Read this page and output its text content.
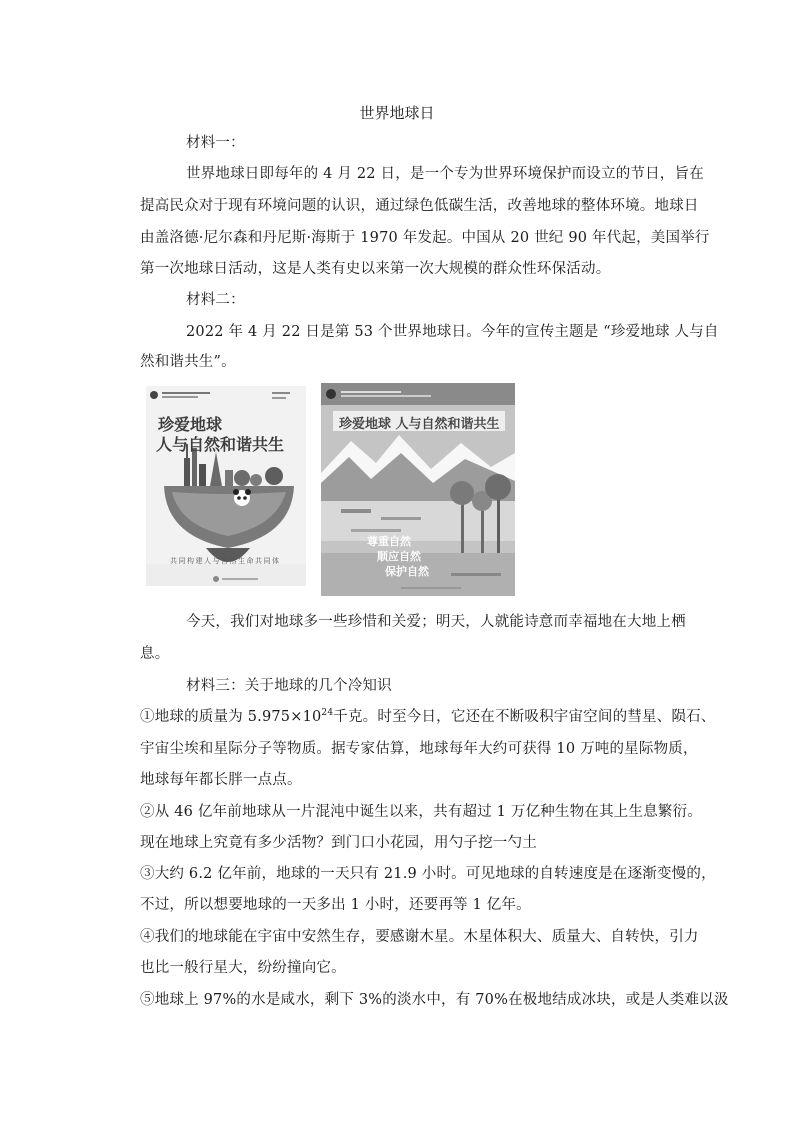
世界地球日
材料一：
世界地球日即每年的 4 月 22 日，是一个专为世界环境保护而设立的节日，旨在
提高民众对于现有环境问题的认识，通过绿色低碳生活，改善地球的整体环境。地球日
由盖洛德·尼尔森和丹尼斯·海斯于 1970 年发起。中国从 20 世纪 90 年代起，美国举行
第一次地球日活动，这是人类有史以来第一次大规模的群众性环保活动。
材料二：
2022 年 4 月 22 日是第 53 个世界地球日。今年的宣传主题是 “珍爱地球 人与自
然和谐共生”。
珍爱地球
人与自然和谐共生
共同构建人与自然生命共同体
珍爱地球 人与自然和谐共生
尊重自然
顺应自然
保护自然
今天，我们对地球多一些珍惜和关爱；明天，人就能诗意而幸福地在大地上栖
息。
材料三：关于地球的几个冷知识
①地球的质量为 $5.975\times 10^{24}$千克。时至今日，它还在不断吸积宇宙空间的彗星、陨石、
宇宙尘埃和星际分子等物质。据专家估算，地球每年大约可获得 10 万吨的星际物质，
地球每年都长胖一点点。
②从 46 亿年前地球从一片混沌中诞生以来，共有超过 1 万亿种生物在其上生息繁衍。
现在地球上究竟有多少活物？到门口小花园，用勺子挖一勺土
③大约 6.2 亿年前，地球的一天只有 21.9 小时。可见地球的自转速度是在逐渐变慢的，
不过，所以想要地球的一天多出 1 小时，还要再等 1 亿年。
④我们的地球能在宇宙中安然生存，要感谢木星。木星体积大、质量大、自转快，引力
也比一般行星大，纷纷撞向它。
⑤地球上 97%的水是咸水，剩下 3%的淡水中，有 70%在极地结成冰块，或是人类难以汲
